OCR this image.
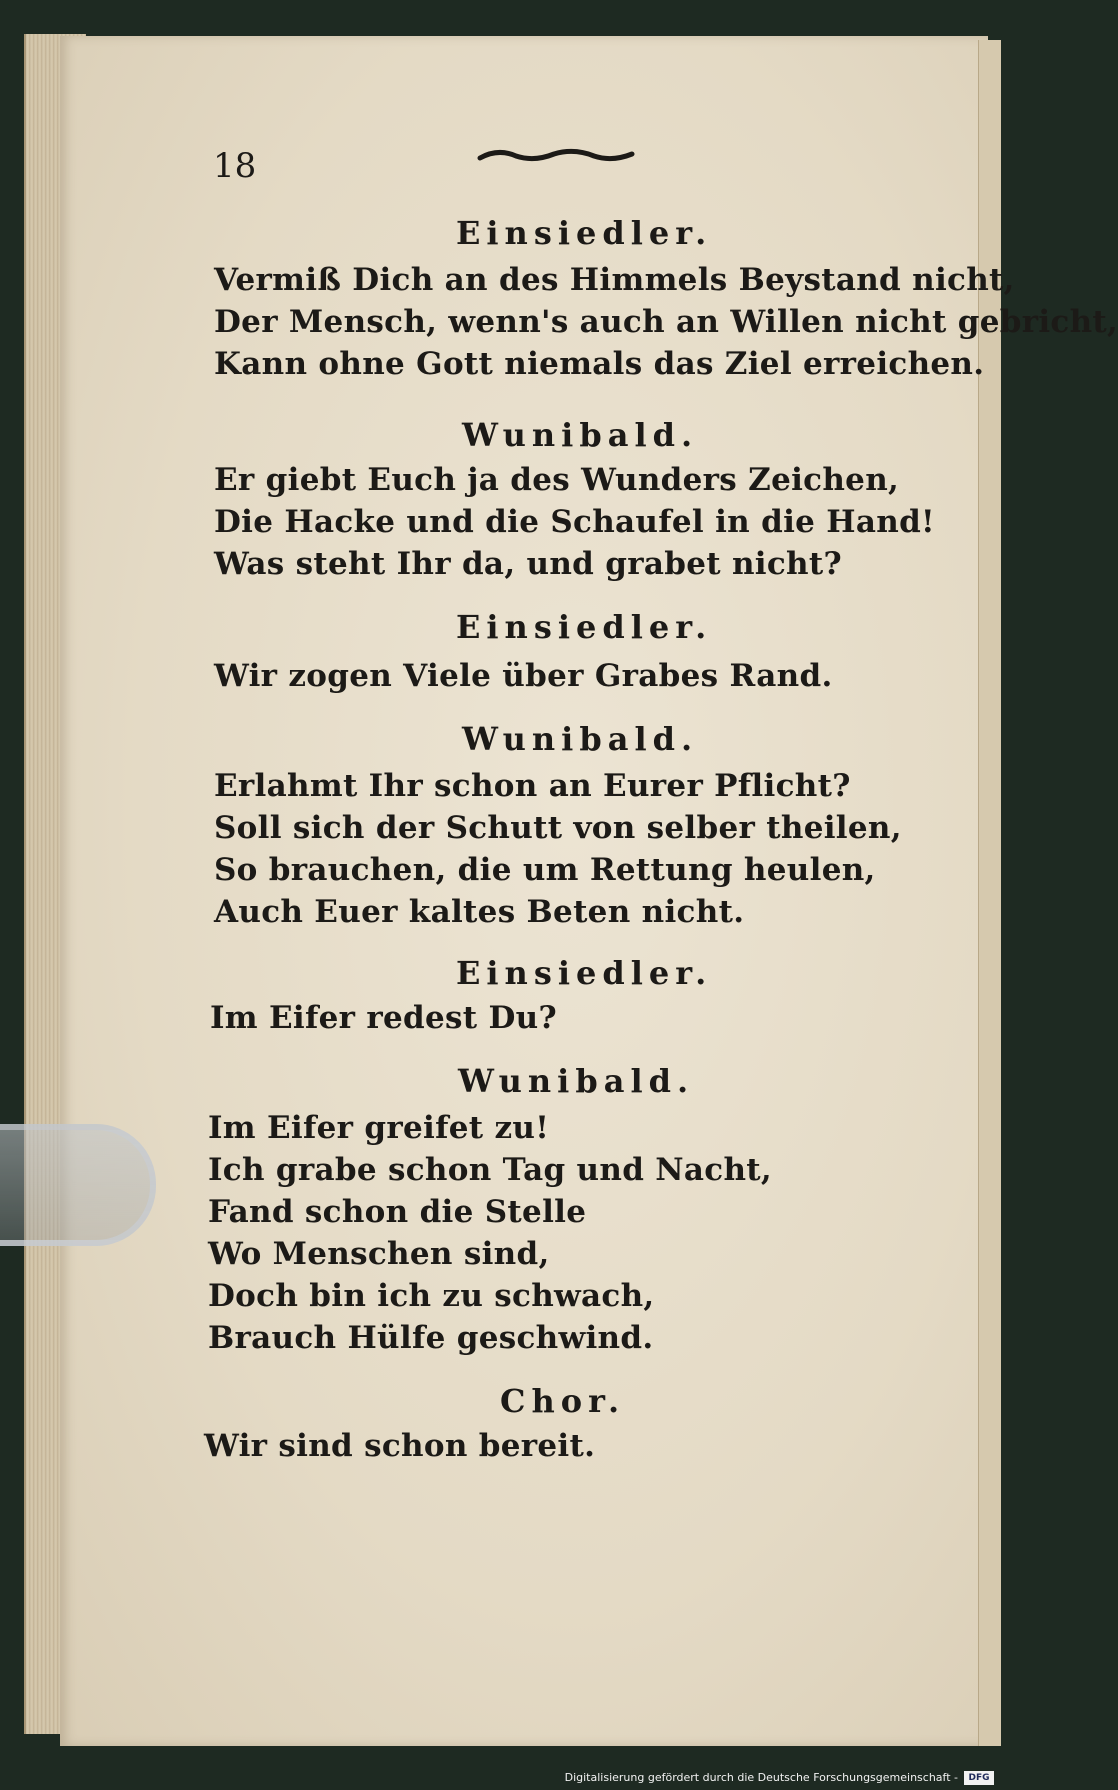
18
Einsiedler.
Vermiß Dich an des Himmels Beystand nicht,
Der Mensch, wenn's auch an Willen nicht gebricht,
Kann ohne Gott niemals das Ziel erreichen.
Wunibald.
Er giebt Euch ja des Wunders Zeichen,
Die Hacke und die Schaufel in die Hand!
Was steht Ihr da, und grabet nicht?
Einsiedler.
Wir zogen Viele über Grabes Rand.
Wunibald.
Erlahmt Ihr schon an Eurer Pflicht?
Soll sich der Schutt von selber theilen,
So brauchen, die um Rettung heulen,
Auch Euer kaltes Beten nicht.
Einsiedler.
Im Eifer redest Du?
Wunibald.
Im Eifer greifet zu!
Ich grabe schon Tag und Nacht,
Fand schon die Stelle
Wo Menschen sind,
Doch bin ich zu schwach,
Brauch Hülfe geschwind.
Chor.
Wir sind schon bereit.
Digitalisierung gefördert durch die Deutsche Forschungsgemeinschaft -	DFG
